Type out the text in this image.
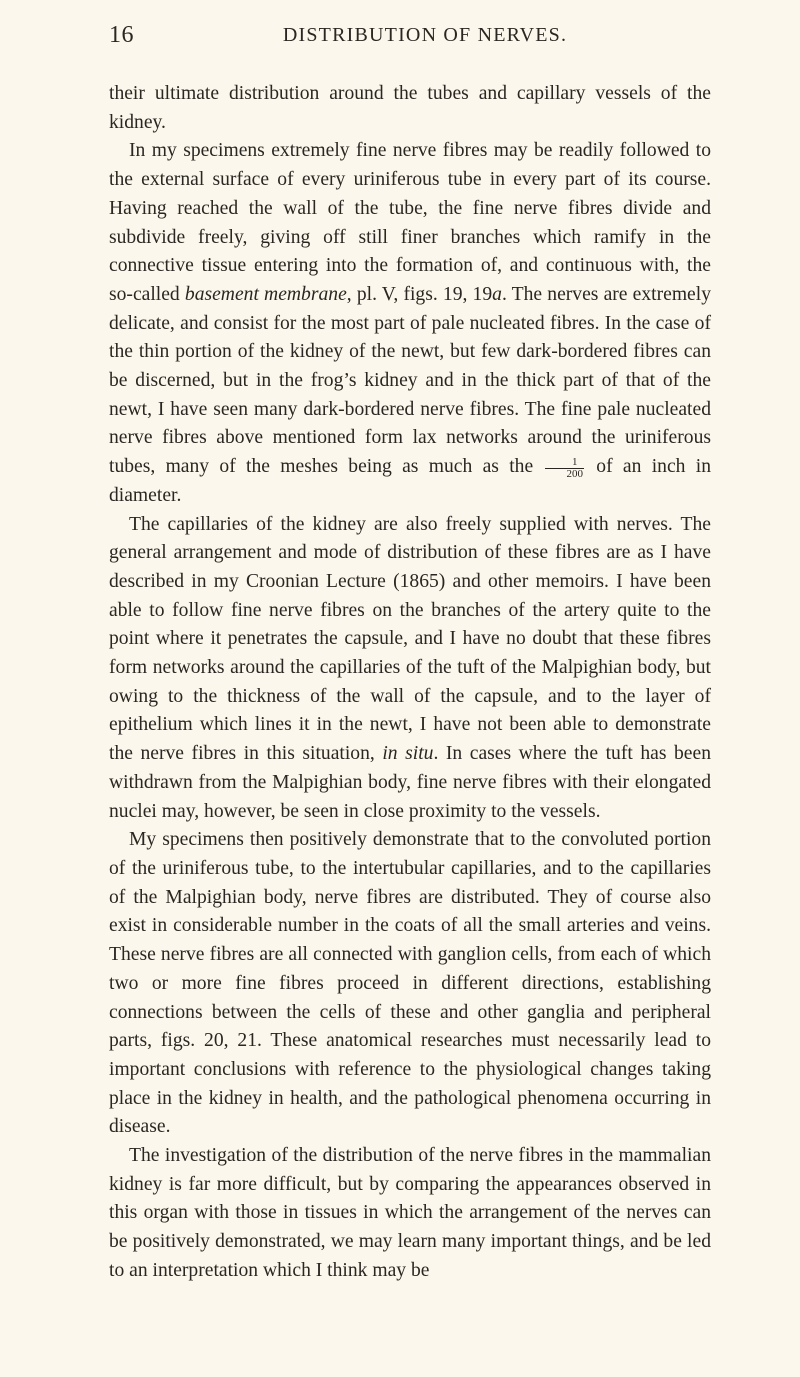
16	DISTRIBUTION OF NERVES.

their ultimate distribution around the tubes and capillary vessels of the kidney.

In my specimens extremely fine nerve fibres may be readily followed to the external surface of every uriniferous tube in every part of its course. Having reached the wall of the tube, the fine nerve fibres divide and subdivide freely, giving off still finer branches which ramify in the connective tissue entering into the formation of, and continuous with, the so-called basement membrane, pl. V, figs. 19, 19a. The nerves are extremely delicate, and consist for the most part of pale nucleated fibres. In the case of the thin portion of the kidney of the newt, but few dark-bordered fibres can be discerned, but in the frog’s kidney and in the thick part of that of the newt, I have seen many dark-bordered nerve fibres. The fine pale nucleated nerve fibres above mentioned form lax networks around the uriniferous tubes, many of the meshes being as much as the $\frac{1}{200}$ of an inch in diameter.

The capillaries of the kidney are also freely supplied with nerves. The general arrangement and mode of distribution of these fibres are as I have described in my Croonian Lecture (1865) and other memoirs. I have been able to follow fine nerve fibres on the branches of the artery quite to the point where it penetrates the capsule, and I have no doubt that these fibres form networks around the capillaries of the tuft of the Malpighian body, but owing to the thickness of the wall of the capsule, and to the layer of epithelium which lines it in the newt, I have not been able to demonstrate the nerve fibres in this situation, in situ. In cases where the tuft has been withdrawn from the Malpighian body, fine nerve fibres with their elongated nuclei may, however, be seen in close proximity to the vessels.

My specimens then positively demonstrate that to the convoluted portion of the uriniferous tube, to the intertubular capillaries, and to the capillaries of the Malpighian body, nerve fibres are distributed. They of course also exist in considerable number in the coats of all the small arteries and veins. These nerve fibres are all connected with ganglion cells, from each of which two or more fine fibres proceed in different directions, establishing connections between the cells of these and other ganglia and peripheral parts, figs. 20, 21. These anatomical researches must necessarily lead to important conclusions with reference to the physiological changes taking place in the kidney in health, and the pathological phenomena occurring in disease.

The investigation of the distribution of the nerve fibres in the mammalian kidney is far more difficult, but by comparing the appearances observed in this organ with those in tissues in which the arrangement of the nerves can be positively demonstrated, we may learn many important things, and be led to an interpretation which I think may be
